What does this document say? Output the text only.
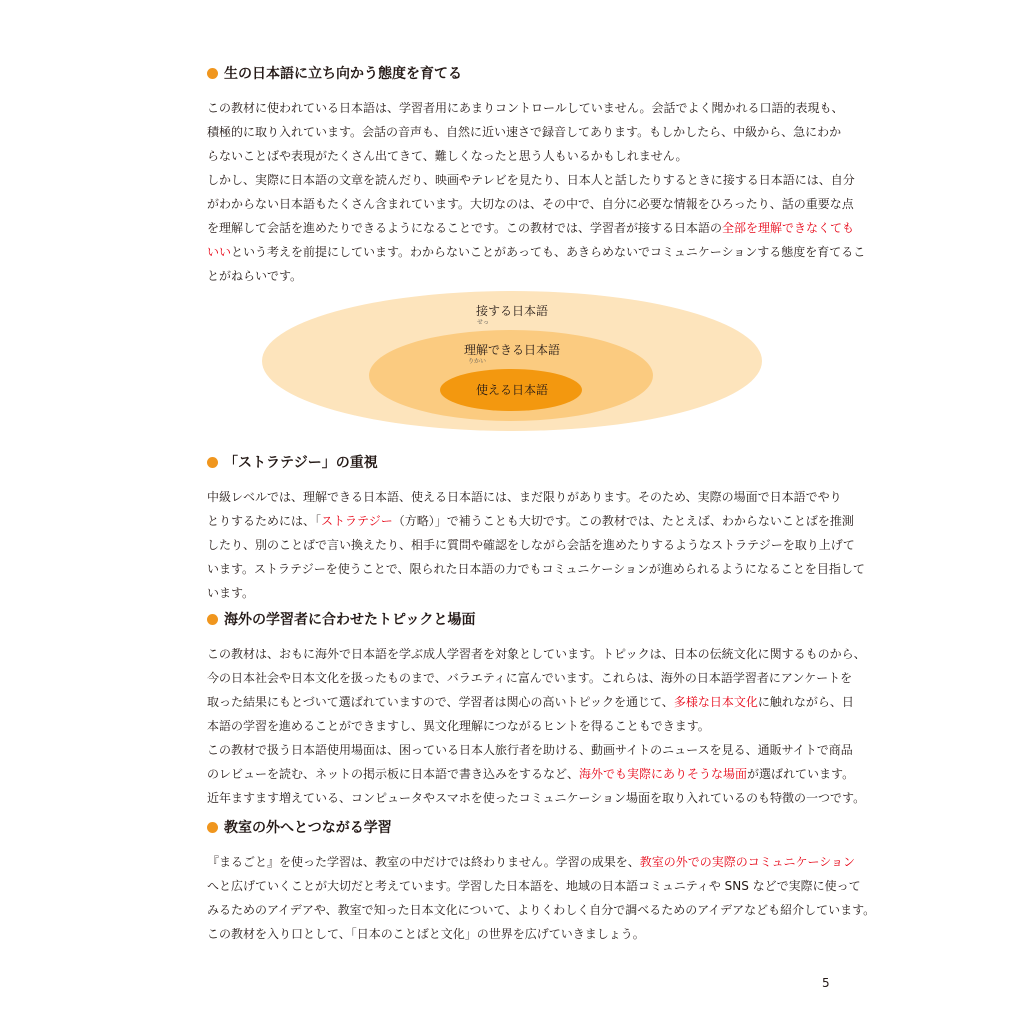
生の日本語に立ち向かう態度を育てる
この教材に使われている日本語は、学習者用にあまりコントロールしていません。会話でよく聞かれる口語的表現も、
積極的に取り入れています。会話の音声も、自然に近い速さで録音してあります。もしかしたら、中級から、急にわか
らないことばや表現がたくさん出てきて、難しくなったと思う人もいるかもしれません。
しかし、実際に日本語の文章を読んだり、映画やテレビを見たり、日本人と話したりするときに接する日本語には、自分
がわからない日本語もたくさん含まれています。大切なのは、その中で、自分に必要な情報をひろったり、話の重要な点
を理解して会話を進めたりできるようになることです。この教材では、学習者が接する日本語の全部を理解できなくても
いいという考えを前提にしています。わからないことがあっても、あきらめないでコミュニケーションする態度を育てるこ
とがねらいです。
「ストラテジー」の重視
中級レベルでは、理解できる日本語、使える日本語には、まだ限りがあります。そのため、実際の場面で日本語でやり
とりするためには、「ストラテジー（方略）」で補うことも大切です。この教材では、たとえば、わからないことばを推測
したり、別のことばで言い換えたり、相手に質問や確認をしながら会話を進めたりするようなストラテジーを取り上げて
います。ストラテジーを使うことで、限られた日本語の力でもコミュニケーションが進められるようになることを目指して
います。
海外の学習者に合わせたトピックと場面
この教材は、おもに海外で日本語を学ぶ成人学習者を対象としています。トピックは、日本の伝統文化に関するものから、
今の日本社会や日本文化を扱ったものまで、バラエティに富んでいます。これらは、海外の日本語学習者にアンケートを
取った結果にもとづいて選ばれていますので、学習者は関心の高いトピックを通じて、多様な日本文化に触れながら、日
本語の学習を進めることができますし、異文化理解につながるヒントを得ることもできます。
この教材で扱う日本語使用場面は、困っている日本人旅行者を助ける、動画サイトのニュースを見る、通販サイトで商品
のレビューを読む、ネットの掲示板に日本語で書き込みをするなど、海外でも実際にありそうな場面が選ばれています。
近年ますます増えている、コンピュータやスマホを使ったコミュニケーション場面を取り入れているのも特徴の一つです。
教室の外へとつながる学習
『まるごと』を使った学習は、教室の中だけでは終わりません。学習の成果を、教室の外での実際のコミュニケーション
へと広げていくことが大切だと考えています。学習した日本語を、地域の日本語コミュニティや SNS などで実際に使って
みるためのアイデアや、教室で知った日本文化について、よりくわしく自分で調べるためのアイデアなども紹介しています。
この教材を入り口として、「日本のことばと文化」の世界を広げていきましょう。
接する日本語
せっ
理解できる日本語
りかい
使える日本語
5
